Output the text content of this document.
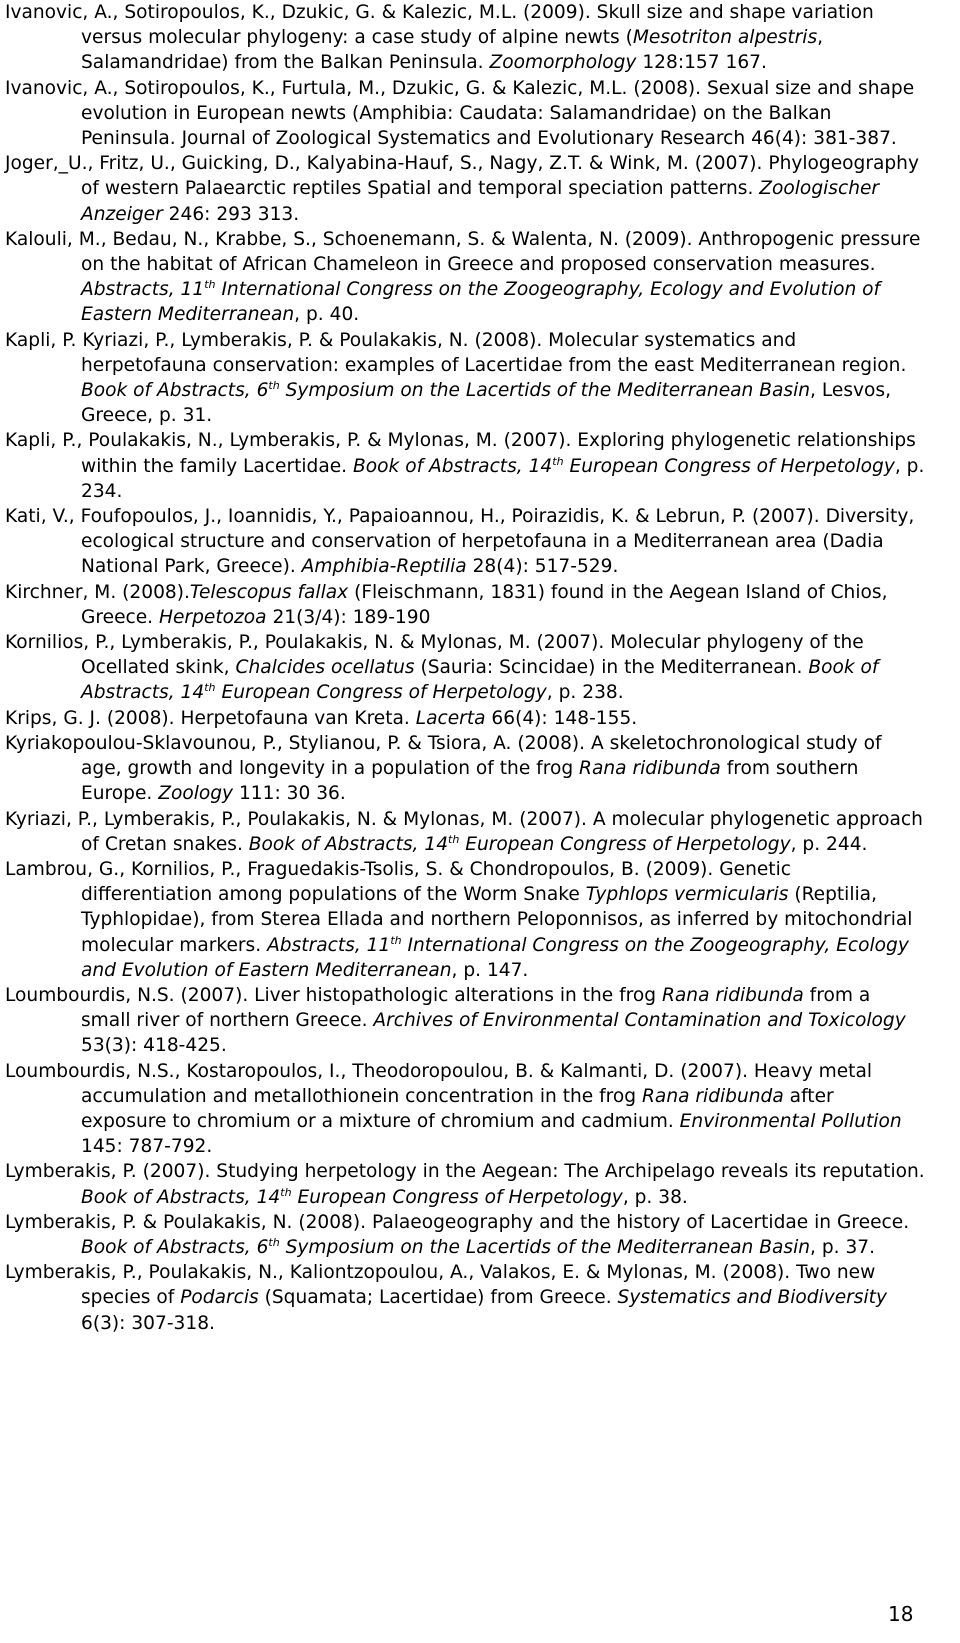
Ivanovic, A., Sotiropoulos, K., Dzukic, G. & Kalezic, M.L. (2009). Skull size and shape variation versus molecular phylogeny: a case study of alpine newts (Mesotriton alpestris, Salamandridae) from the Balkan Peninsula. Zoomorphology 128:157 167.

Ivanovic, A., Sotiropoulos, K., Furtula, M., Dzukic, G. & Kalezic, M.L. (2008). Sexual size and shape evolution in European newts (Amphibia: Caudata: Salamandridae) on the Balkan Peninsula. Journal of Zoological Systematics and Evolutionary Research 46(4): 381-387.

Joger,_U., Fritz, U., Guicking, D., Kalyabina-Hauf, S., Nagy, Z.T. & Wink, M. (2007). Phylogeography of western Palaearctic reptiles Spatial and temporal speciation patterns. Zoologischer Anzeiger 246: 293 313.

Kalouli, M., Bedau, N., Krabbe, S., Schoenemann, S. & Walenta, N. (2009). Anthropogenic pressure on the habitat of African Chameleon in Greece and proposed conservation measures. Abstracts, 11th International Congress on the Zoogeography, Ecology and Evolution of Eastern Mediterranean, p. 40.

Kapli, P. Kyriazi, P., Lymberakis, P. & Poulakakis, N. (2008). Molecular systematics and herpetofauna conservation: examples of Lacertidae from the east Mediterranean region. Book of Abstracts, 6th Symposium on the Lacertids of the Mediterranean Basin, Lesvos, Greece, p. 31.

Kapli, P., Poulakakis, N., Lymberakis, P. & Mylonas, M. (2007). Exploring phylogenetic relationships within the family Lacertidae. Book of Abstracts, 14th European Congress of Herpetology, p. 234.

Kati, V., Foufopoulos, J., Ioannidis, Y., Papaioannou, H., Poirazidis, K. & Lebrun, P. (2007). Diversity, ecological structure and conservation of herpetofauna in a Mediterranean area (Dadia National Park, Greece). Amphibia-Reptilia 28(4): 517-529.

Kirchner, M. (2008).Telescopus fallax (Fleischmann, 1831) found in the Aegean Island of Chios, Greece. Herpetozoa 21(3/4): 189-190

Kornilios, P., Lymberakis, P., Poulakakis, N. & Mylonas, M. (2007). Molecular phylogeny of the Ocellated skink, Chalcides ocellatus (Sauria: Scincidae) in the Mediterranean. Book of Abstracts, 14th European Congress of Herpetology, p. 238.

Krips, G. J. (2008). Herpetofauna van Kreta. Lacerta 66(4): 148-155.

Kyriakopoulou-Sklavounou, P., Stylianou, P. & Tsiora, A. (2008). A skeletochronological study of age, growth and longevity in a population of the frog Rana ridibunda from southern Europe. Zoology 111: 30 36.

Kyriazi, P., Lymberakis, P., Poulakakis, N. & Mylonas, M. (2007). A molecular phylogenetic approach of Cretan snakes. Book of Abstracts, 14th European Congress of Herpetology, p. 244.

Lambrou, G., Kornilios, P., Fraguedakis-Tsolis, S. & Chondropoulos, B. (2009). Genetic differentiation among populations of the Worm Snake Typhlops vermicularis (Reptilia, Typhlopidae), from Sterea Ellada and northern Peloponnisos, as inferred by mitochondrial molecular markers. Abstracts, 11th International Congress on the Zoogeography, Ecology and Evolution of Eastern Mediterranean, p. 147.

Loumbourdis, N.S. (2007). Liver histopathologic alterations in the frog Rana ridibunda from a small river of northern Greece. Archives of Environmental Contamination and Toxicology 53(3): 418-425.

Loumbourdis, N.S., Kostaropoulos, I., Theodoropoulou, B. & Kalmanti, D. (2007). Heavy metal accumulation and metallothionein concentration in the frog Rana ridibunda after exposure to chromium or a mixture of chromium and cadmium. Environmental Pollution 145: 787-792.

Lymberakis, P. (2007). Studying herpetology in the Aegean: The Archipelago reveals its reputation. Book of Abstracts, 14th European Congress of Herpetology, p. 38.

Lymberakis, P. & Poulakakis, N. (2008). Palaeogeography and the history of Lacertidae in Greece. Book of Abstracts, 6th Symposium on the Lacertids of the Mediterranean Basin, p. 37.

Lymberakis, P., Poulakakis, N., Kaliontzopoulou, A., Valakos, E. & Mylonas, M. (2008). Two new species of Podarcis (Squamata; Lacertidae) from Greece. Systematics and Biodiversity 6(3): 307-318.

18
